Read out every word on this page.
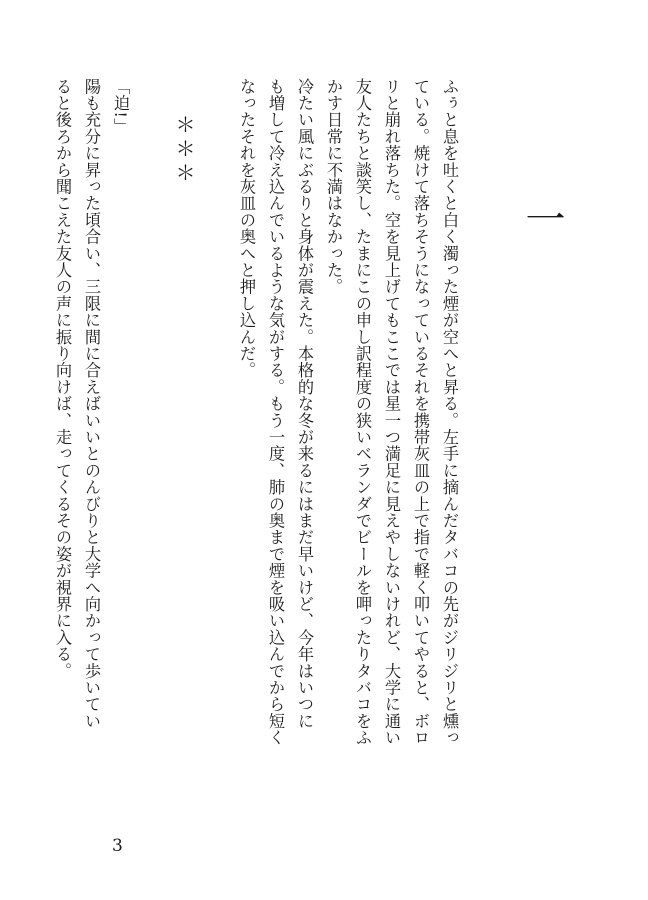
一
ふぅと息を吐くと白く濁った煙が空へと昇る。左手に摘んだタバコの先がジリジリと燻っ
ている。焼けて落ちそうになっているそれを携帯灰皿の上で指で軽く叩いてやると、ボロ
リと崩れ落ちた。空を見上げてもここでは星一つ満足に見えやしないけれど、大学に通い
友人たちと談笑し、たまにこの申し訳程度の狭いベランダでビールを呷ったりタバコをふ
かす日常に不満はなかった。
冷たい風にぶるりと身体が震えた。本格的な冬が来るにはまだ早いけど、今年はいつに
も増して冷え込んでいるような気がする。もう一度、肺の奥まで煙を吸い込んでから短く
なったそれを灰皿の奥へと押し込んだ。
＊＊＊
「迫!」
陽も充分に昇った頃合い、三限に間に合えばいいとのんびりと大学へ向かって歩いてい
ると後ろから聞こえた友人の声に振り向けば、走ってくるその姿が視界に入る。
3
